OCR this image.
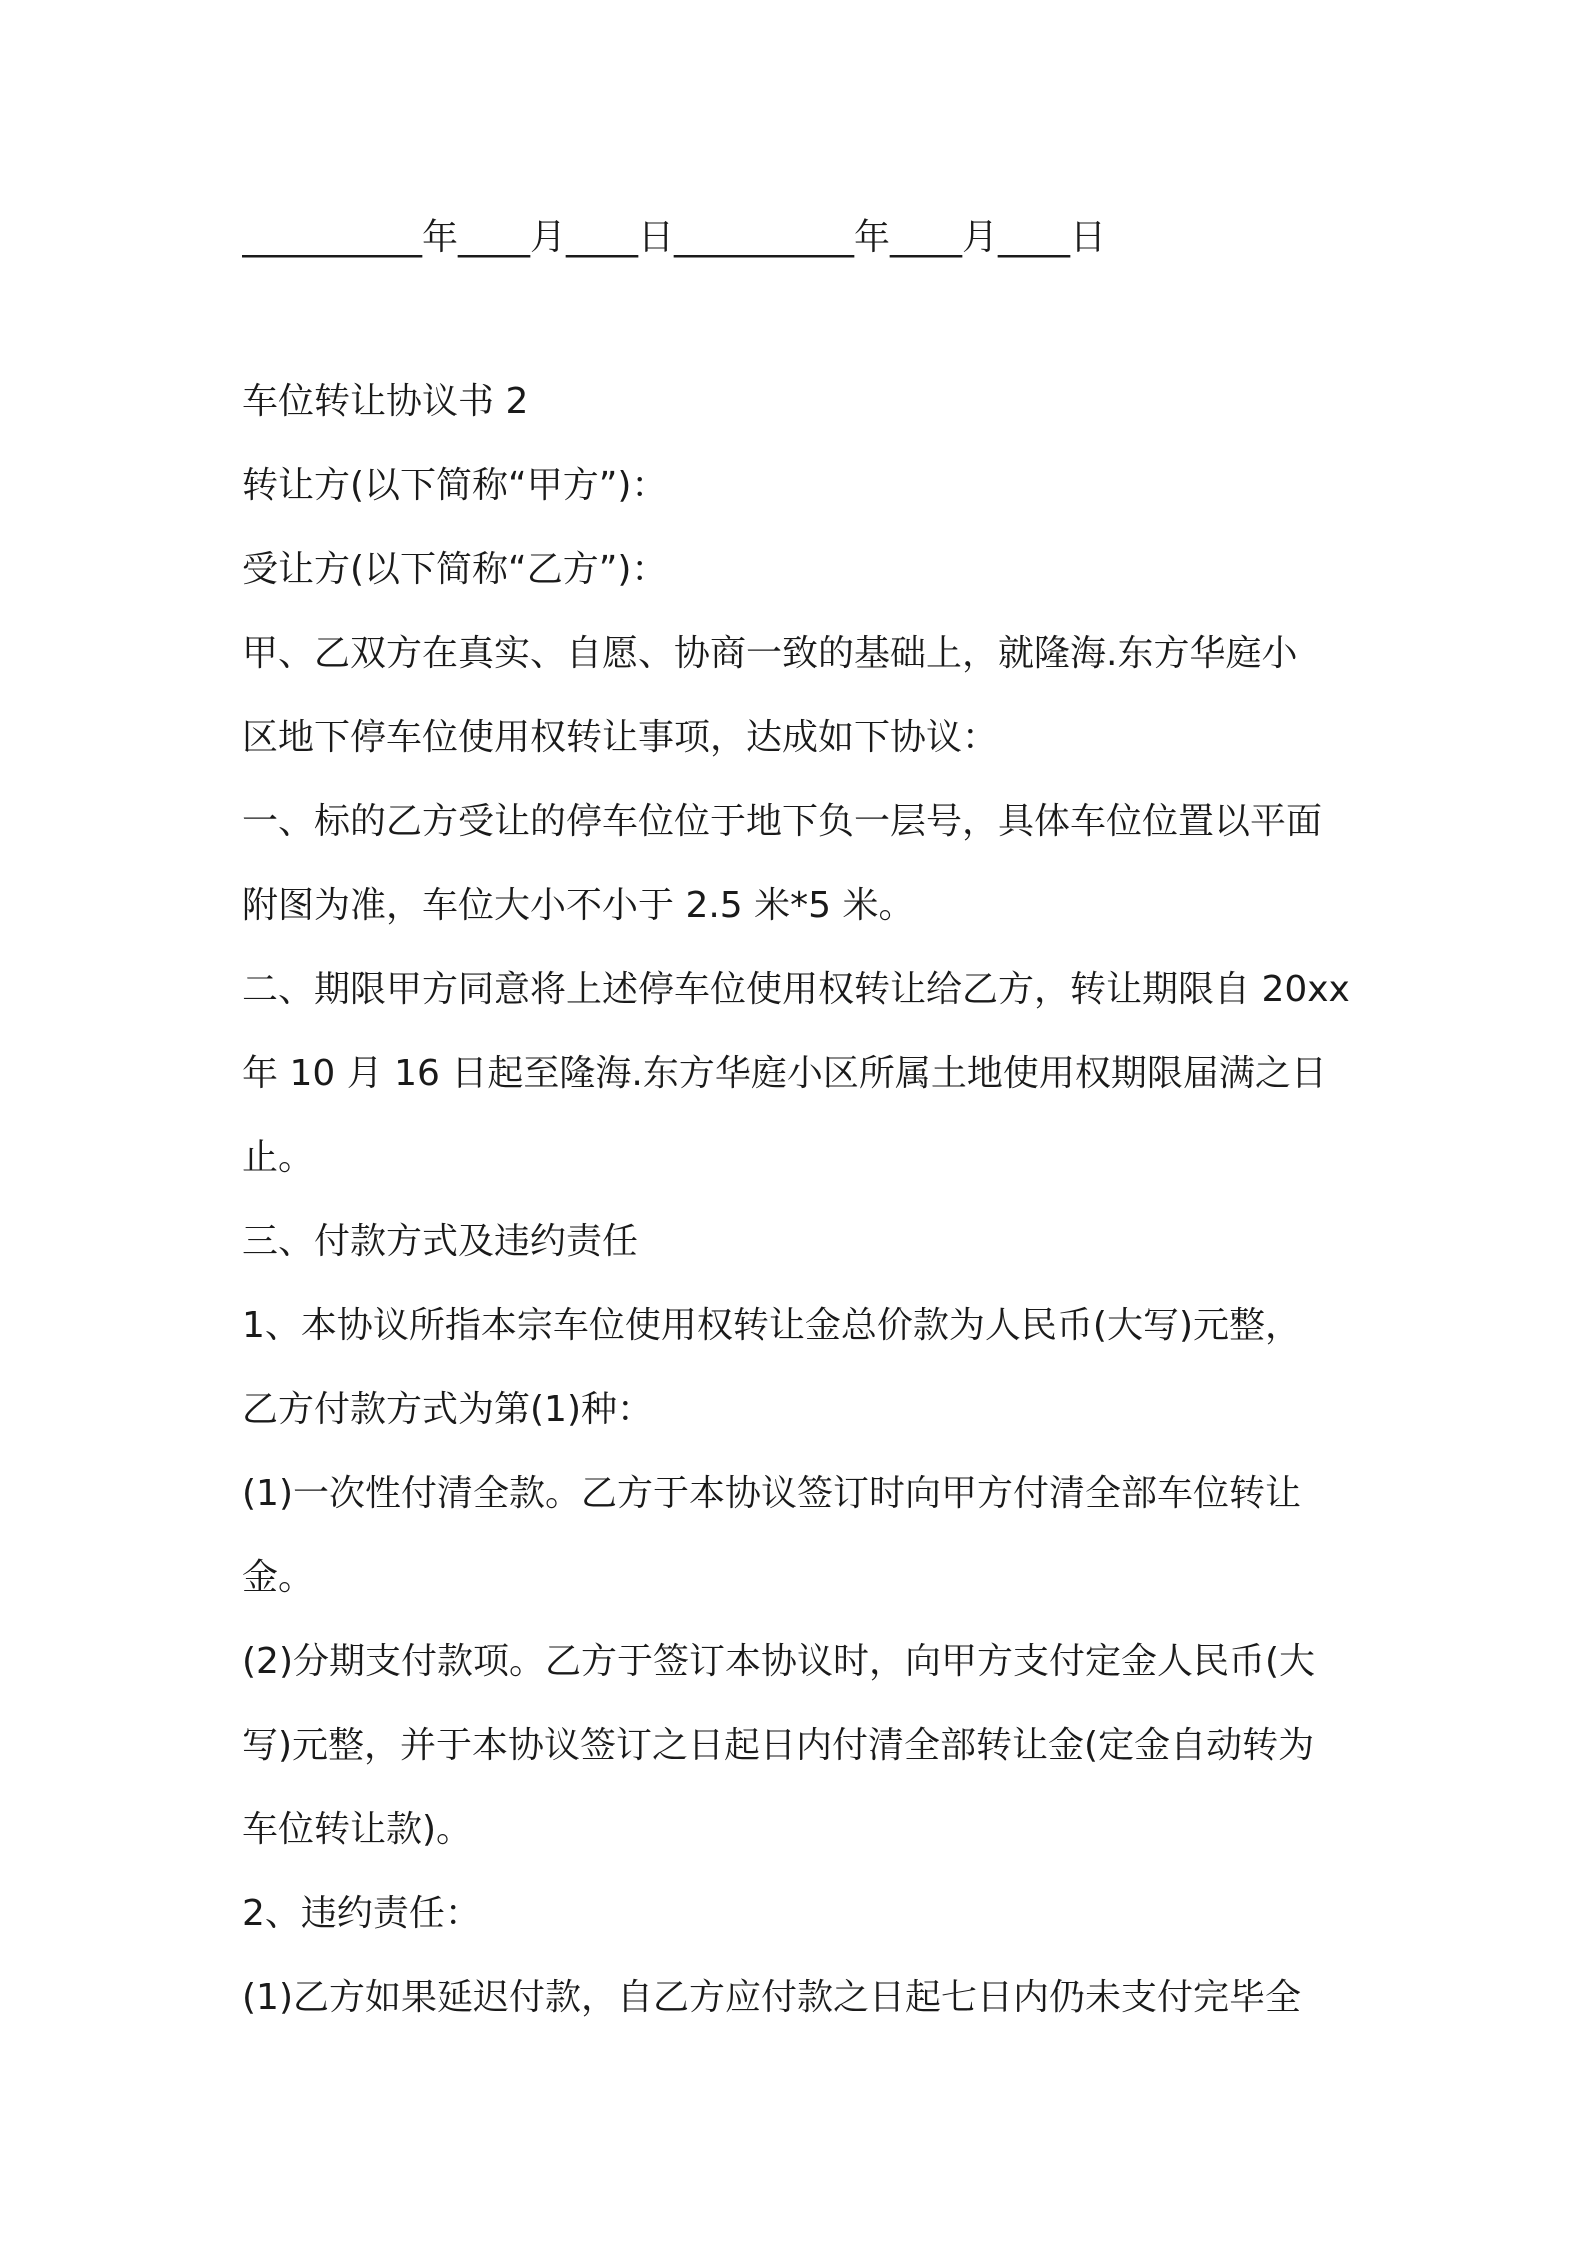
__________年____月____日__________年____月____日
车位转让协议书 2
转让方(以下简称“甲方”)：
受让方(以下简称“乙方”)：
甲、乙双方在真实、自愿、协商一致的基础上，就隆海.东方华庭小
区地下停车位使用权转让事项，达成如下协议：
一、标的乙方受让的停车位位于地下负一层号，具体车位位置以平面
附图为准，车位大小不小于 2.5 米*5 米。
二、期限甲方同意将上述停车位使用权转让给乙方，转让期限自 20xx
年 10 月 16 日起至隆海.东方华庭小区所属土地使用权期限届满之日
止。
三、付款方式及违约责任
1、本协议所指本宗车位使用权转让金总价款为人民币(大写)元整，
乙方付款方式为第(1)种：
(1)一次性付清全款。乙方于本协议签订时向甲方付清全部车位转让
金。
(2)分期支付款项。乙方于签订本协议时，向甲方支付定金人民币(大
写)元整，并于本协议签订之日起日内付清全部转让金(定金自动转为
车位转让款)。
2、违约责任：
(1)乙方如果延迟付款，自乙方应付款之日起七日内仍未支付完毕全
